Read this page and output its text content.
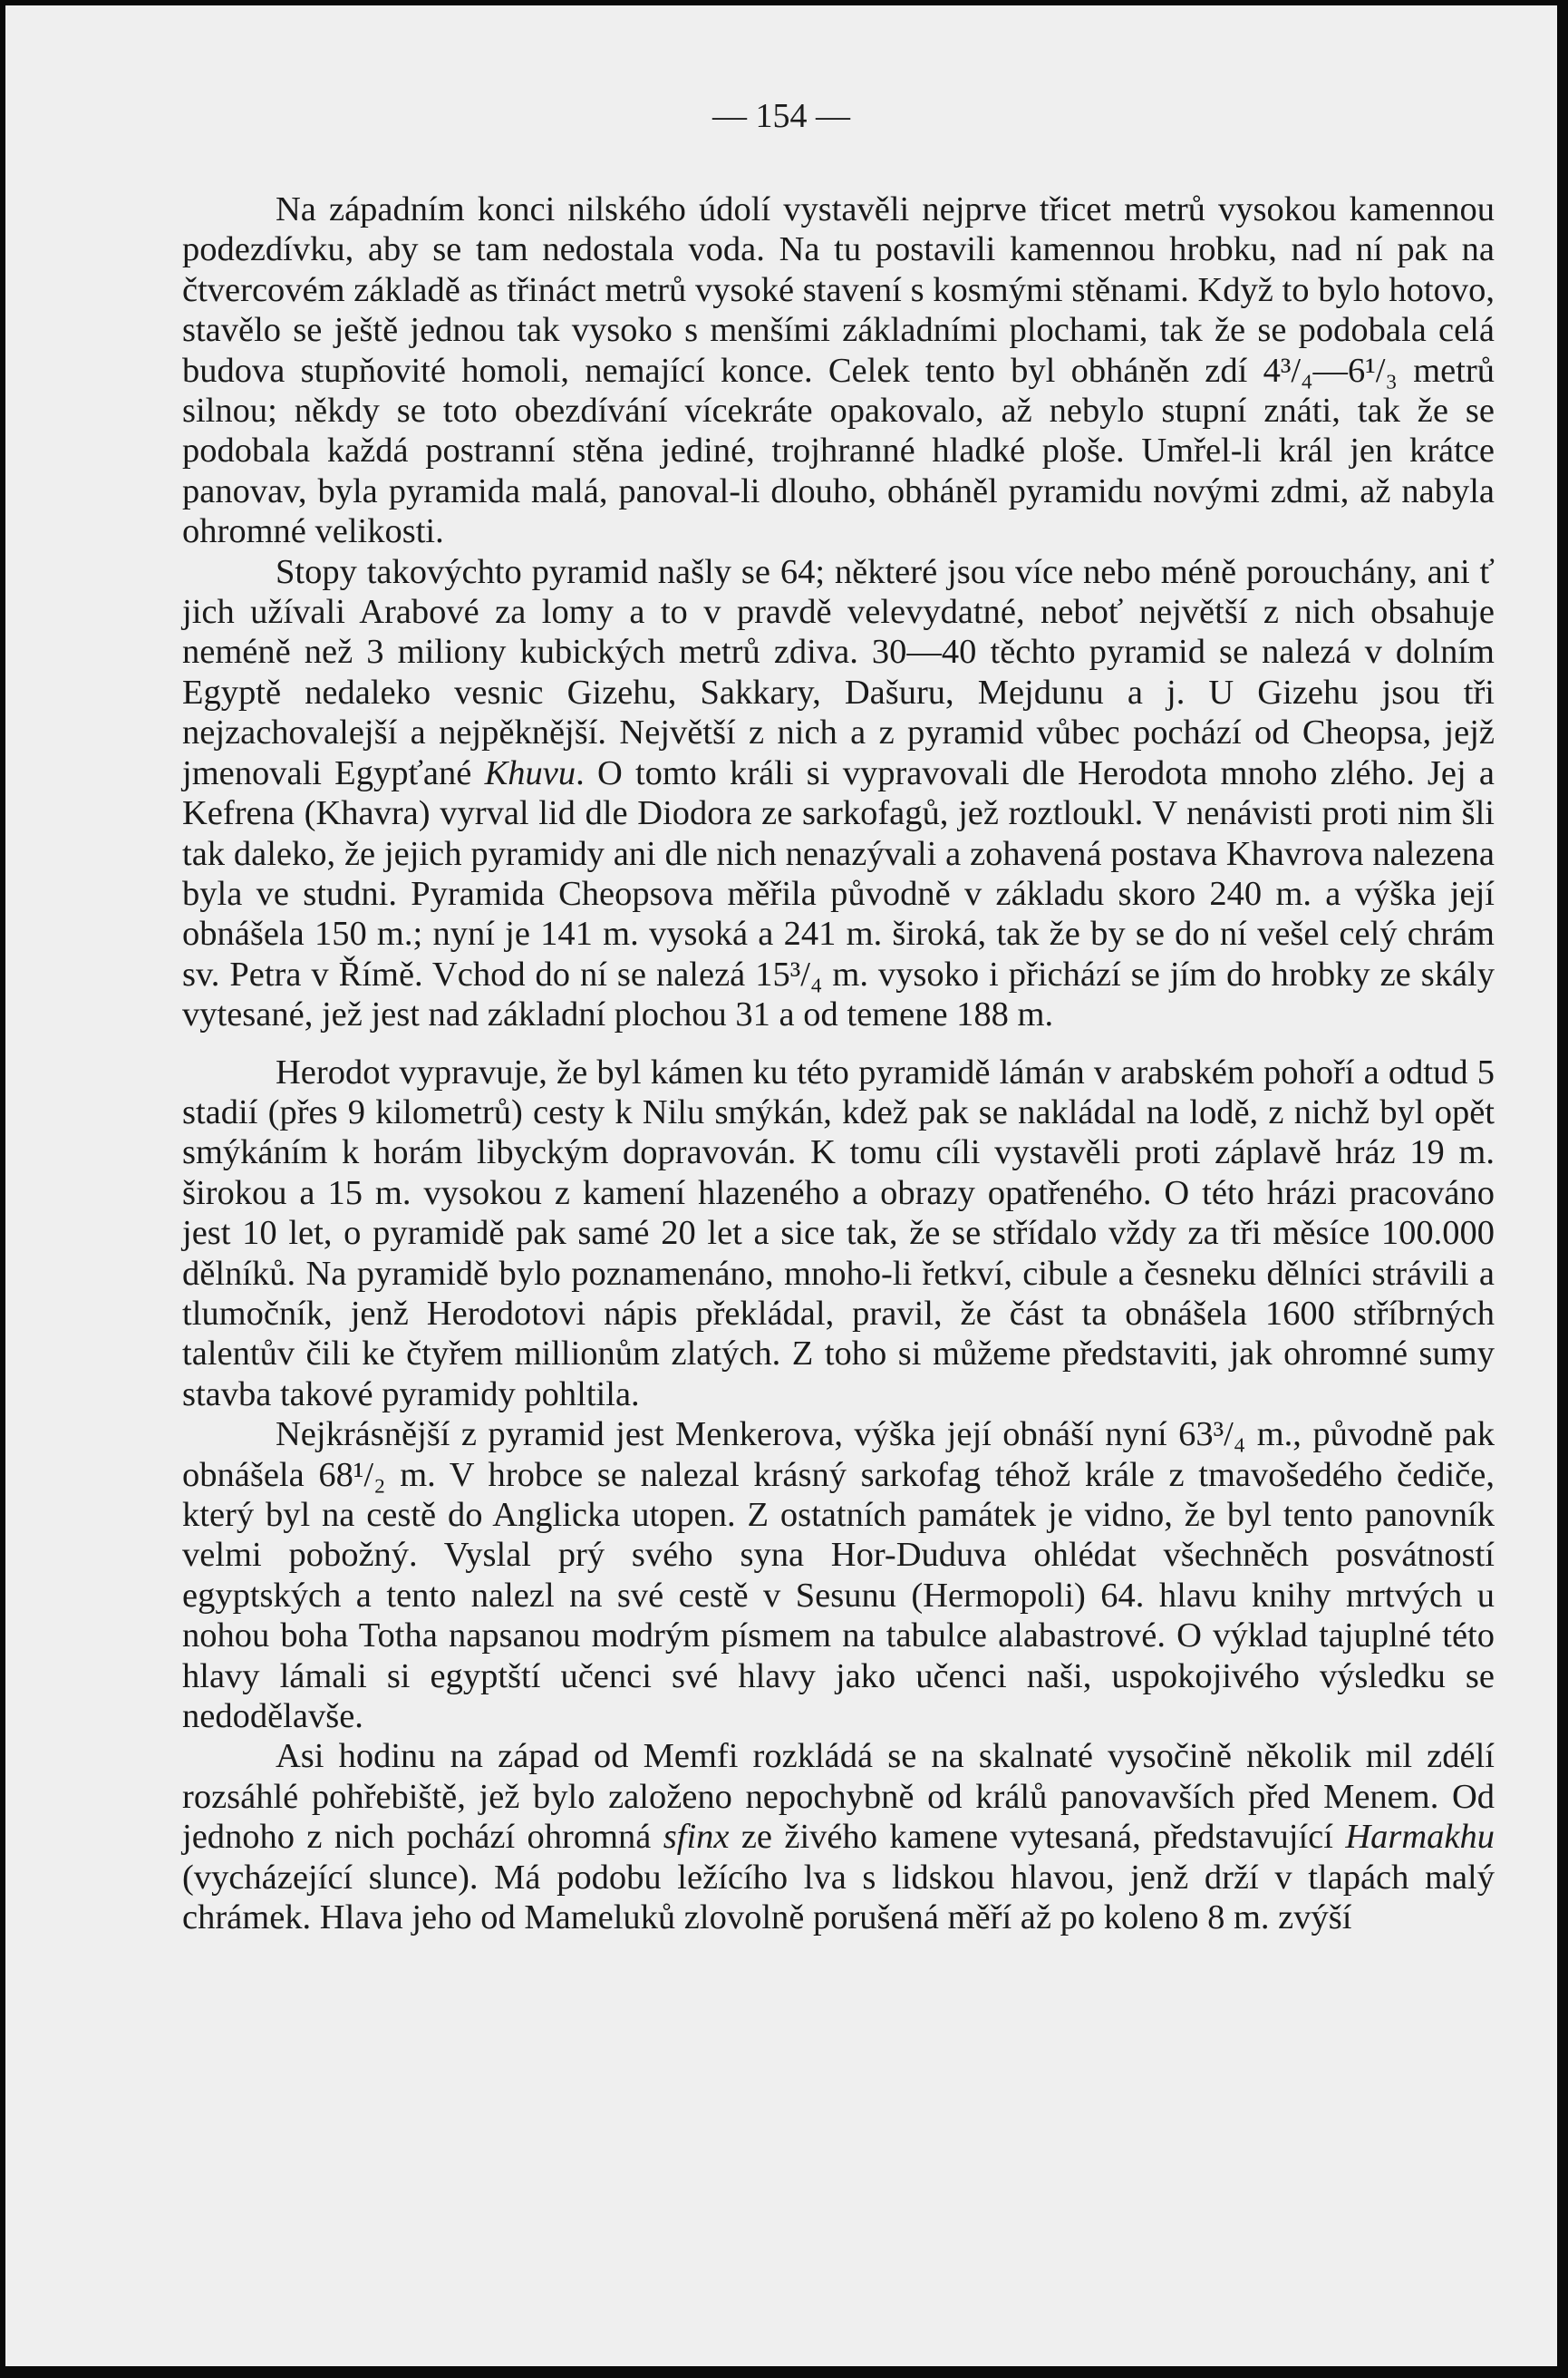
— 154 —

Na západním konci nilského údolí vystavěli nejprve třicet metrů vysokou kamennou podezdívku, aby se tam nedostala voda. Na tu postavili kamennou hrobku, nad ní pak na čtvercovém základě as třináct metrů vysoké stavení s kosmými stěnami. Když to bylo hotovo, stavělo se ještě jednou tak vysoko s menšími základními plochami, tak že se podobala celá budova stupňovité homoli, nemající konce. Celek tento byl obháněn zdí 4³/₄—6¹/₃ metrů silnou; někdy se toto obezdívání vícekráte opakovalo, až nebylo stupní znáti, tak že se podobala každá postranní stěna jediné, trojhranné hladké ploše. Umřel-li král jen krátce panovav, byla pyramida malá, panoval-li dlouho, obháněl pyramidu novými zdmi, až nabyla ohromné velikosti.

Stopy takovýchto pyramid našly se 64; některé jsou více nebo méně porouchány, ani ť jich užívali Arabové za lomy a to v pravdě velevydatné, neboť největší z nich obsahuje neméně než 3 miliony kubických metrů zdiva. 30—40 těchto pyramid se nalezá v dolním Egyptě nedaleko vesnic Gizehu, Sakkary, Dašuru, Mejdunu a j. U Gizehu jsou tři nejzachovalejší a nejpěknější. Největší z nich a z pyramid vůbec pochází od Cheopsa, jejž jmenovali Egypťané Khuvu. O tomto králi si vypravovali dle Herodota mnoho zlého. Jej a Kefrena (Khavra) vyrval lid dle Diodora ze sarkofagů, jež roztloukl. V nenávisti proti nim šli tak daleko, že jejich pyramidy ani dle nich nenazývali a zohavená postava Khavrova nalezena byla ve studni. Pyramida Cheopsova měřila původně v základu skoro 240 m. a výška její obnášela 150 m.; nyní je 141 m. vysoká a 241 m. široká, tak že by se do ní vešel celý chrám sv. Petra v Římě. Vchod do ní se nalezá 15³/₄ m. vysoko i přichází se jím do hrobky ze skály vytesané, jež jest nad základní plochou 31 a od temene 188 m.

Herodot vypravuje, že byl kámen ku této pyramidě lámán v arabském pohoří a odtud 5 stadií (přes 9 kilometrů) cesty k Nilu smýkán, kdež pak se nakládal na lodě, z nichž byl opět smýkáním k horám libyckým dopravován. K tomu cíli vystavěli proti záplavě hráz 19 m. širokou a 15 m. vysokou z kamení hlazeného a obrazy opatřeného. O této hrázi pracováno jest 10 let, o pyramidě pak samé 20 let a sice tak, že se střídalo vždy za tři měsíce 100.000 dělníků. Na pyramidě bylo poznamenáno, mnoho-li řetkví, cibule a česneku dělníci strávili a tlumočník, jenž Herodotovi nápis překládal, pravil, že část ta obnášela 1600 stříbrných talentův čili ke čtyřem millionům zlatých. Z toho si můžeme představiti, jak ohromné sumy stavba takové pyramidy pohltila.

Nejkrásnější z pyramid jest Menkerova, výška její obnáší nyní 63³/₄ m., původně pak obnášela 68¹/₂ m. V hrobce se nalezal krásný sarkofag téhož krále z tmavošedého čediče, který byl na cestě do Anglicka utopen. Z ostatních památek je vidno, že byl tento panovník velmi pobožný. Vyslal prý svého syna Hor-Duduva ohlédat všechněch posvátností egyptských a tento nalezl na své cestě v Sesunu (Hermopoli) 64. hlavu knihy mrtvých u nohou boha Totha napsanou modrým písmem na tabulce alabastrové. O výklad tajuplné této hlavy lámali si egyptští učenci své hlavy jako učenci naši, uspokojivého výsledku se nedodělavše.

Asi hodinu na západ od Memfi rozkládá se na skalnaté vysočině několik mil zdélí rozsáhlé pohřebiště, jež bylo založeno nepochybně od králů panovavších před Menem. Od jednoho z nich pochází ohromná sfinx ze živého kamene vytesaná, představující Harmakhu (vycházející slunce). Má podobu ležícího lva s lidskou hlavou, jenž drží v tlapách malý chrámek. Hlava jeho od Mameluků zlovolně porušená měří až po koleno 8 m. zvýší
